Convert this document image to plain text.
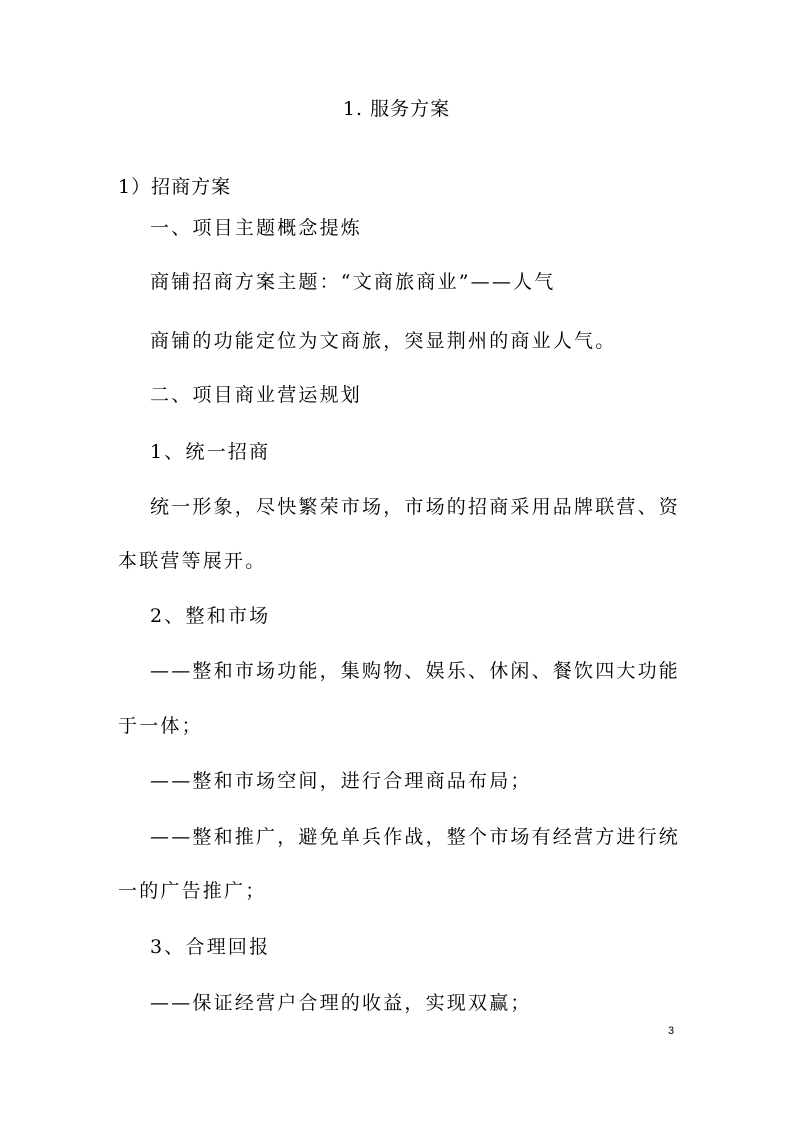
1. 服务方案
1）招商方案

一、项目主题概念提炼

商铺招商方案主题：“文商旅商业”——人气

商铺的功能定位为文商旅，突显荆州的商业人气。

二、项目商业营运规划

1、统一招商

统一形象，尽快繁荣市场，市场的招商采用品牌联营、资

本联营等展开。

2、整和市场

——整和市场功能，集购物、娱乐、休闲、餐饮四大功能

于一体；

——整和市场空间，进行合理商品布局；

——整和推广，避免单兵作战，整个市场有经营方进行统

一的广告推广；

3、合理回报

——保证经营户合理的收益，实现双赢；

3
